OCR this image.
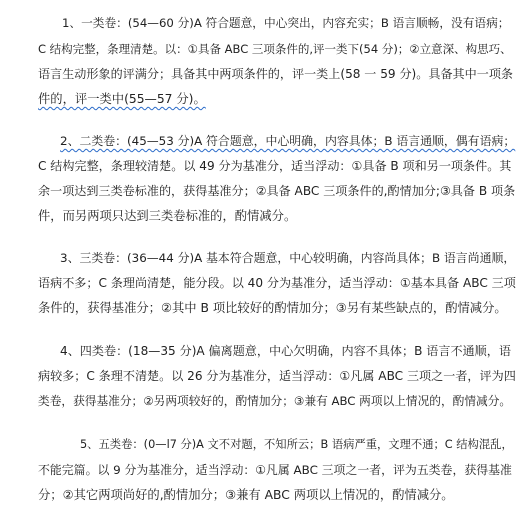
1、一类卷：(54—60 分)A 符合题意，中心突出，内容充实；B 语言顺畅，没有语病；
C 结构完整，条理清楚。以：①具备 ABC 三项条件的,评一类下(54 分)；②立意深、构思巧、
语言生动形象的评满分；具备其中两项条件的，评一类上(58 一 59 分)。具备其中一项条
件的，评一类中(55—57 分)。
2、二类卷：(45—53 分)A 符合题意，中心明确，内容具体；B 语言通顺，偶有语病；
C 结构完整，条理较清楚。以 49 分为基准分，适当浮动：①具备 B 项和另一项条件。其
余一项达到三类卷标准的，获得基准分；②具备 ABC 三项条件的,酌情加分;③具备 B 项条
件，而另两项只达到三类卷标准的，酌情减分。
3、三类卷：(36—44 分)A 基本符合题意，中心较明确，内容尚具体；B 语言尚通顺，
语病不多；C 条理尚清楚，能分段。以 40 分为基准分，适当浮动：①基本具备 ABC 三项
条件的，获得基准分；②其中 B 项比较好的酌情加分；③另有某些缺点的，酌情减分。
4、四类卷：(18—35 分)A 偏离题意，中心欠明确，内容不具体；B 语言不通顺，语
病较多；C 条理不清楚。以 26 分为基准分，适当浮动：①凡属 ABC 三项之一者，评为四
类卷，获得基准分；②另两项较好的，酌情加分；③兼有 ABC 两项以上情况的，酌情减分。
5、五类卷：(0—l7 分)A 文不对题，不知所云；B 语病严重，文理不通；C 结构混乱，
不能完篇。以 9 分为基准分，适当浮动：①凡属 ABC 三项之一者，评为五类卷，获得基准
分；②其它两项尚好的,酌情加分；③兼有 ABC 两项以上情况的，酌情减分。
